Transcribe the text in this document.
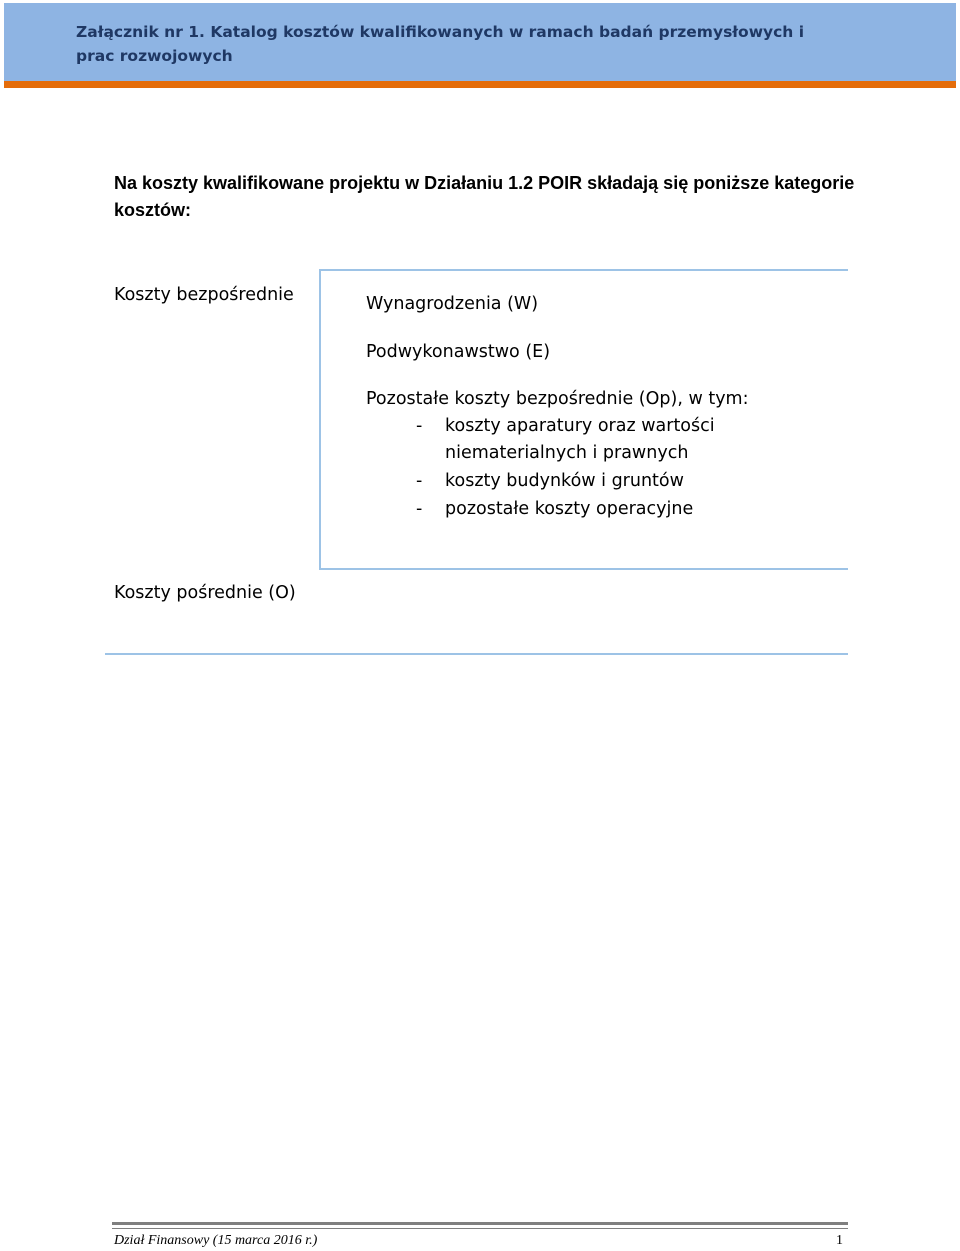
Załącznik nr 1. Katalog kosztów kwalifikowanych w ramach badań przemysłowych i prac rozwojowych
Na koszty kwalifikowane projektu w Działaniu 1.2 POIR składają się poniższe kategorie kosztów:
Koszty bezpośrednie	Wynagrodzenia (W)
Podwykonawstwo (E)
Pozostałe koszty bezpośrednie (Op), w tym:
- koszty aparatury oraz wartości
niematerialnych i prawnych
- koszty budynków i gruntów
- pozostałe koszty operacyjne
Koszty pośrednie (O)
Dział Finansowy (15 marca 2016 r.)	1
